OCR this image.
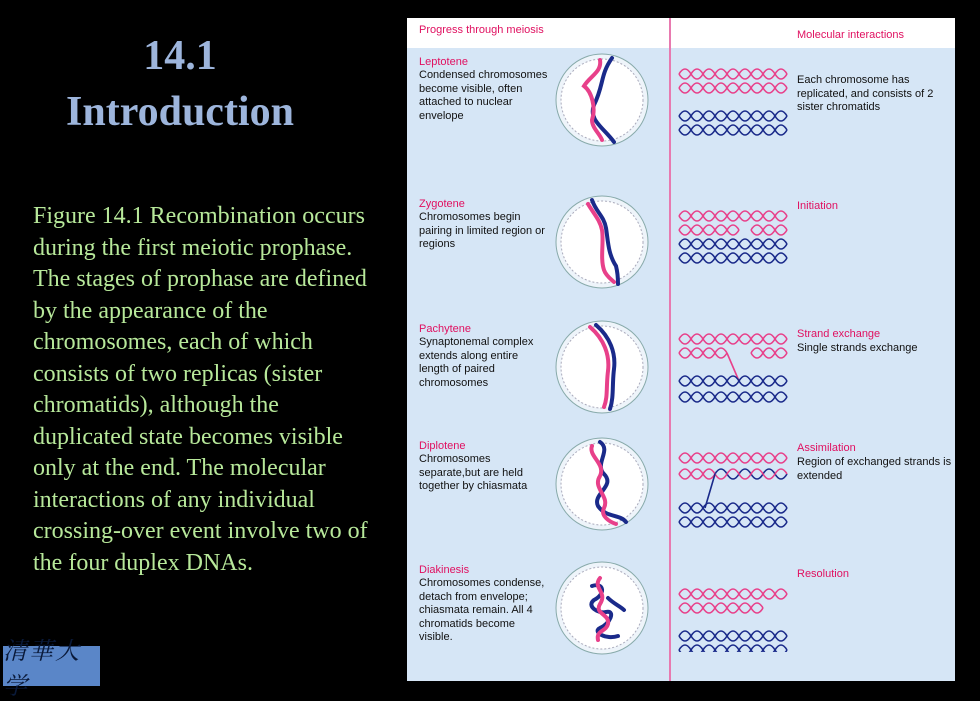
14.1
Introduction
Figure 14.1 Recombination occurs during the first meiotic prophase. The stages of prophase are defined by the appearance of the chromosomes, each of which consists of two replicas (sister chromatids), although the duplicated state becomes visible only at the end. The molecular interactions of any individual crossing-over event involve two of the four duplex DNAs.
清華大学
Progress through meiosis	Molecular interactions
Leptotene
Condensed chromosomes become visible, often attached to nuclear envelope
Each chromosome has replicated, and consists of 2 sister chromatids
Zygotene
Chromosomes begin pairing in limited region or regions
Initiation
Pachytene
Synaptonemal complex extends along entire length of paired chromosomes
Strand exchange
Single strands exchange
Diplotene
Chromosomes separate,but are held together by chiasmata
Assimilation
Region of exchanged strands is extended
Diakinesis
Chromosomes condense, detach from envelope; chiasmata remain. All 4 chromatids become visible.
Resolution
